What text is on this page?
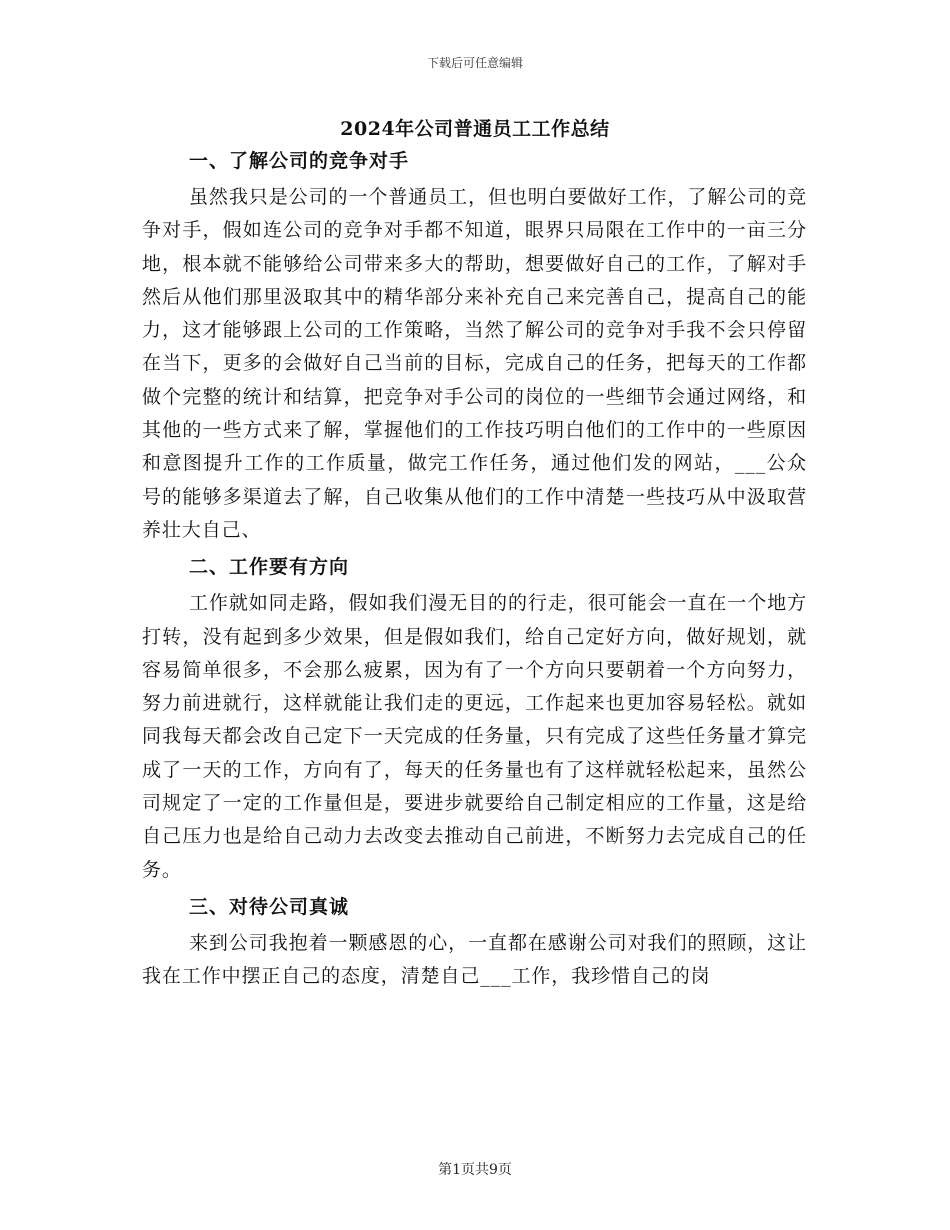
下载后可任意编辑
2024年公司普通员工工作总结
一、了解公司的竞争对手
虽然我只是公司的一个普通员工，但也明白要做好工作，了解公司的竞争对手，假如连公司的竞争对手都不知道，眼界只局限在工作中的一亩三分地，根本就不能够给公司带来多大的帮助，想要做好自己的工作，了解对手然后从他们那里汲取其中的精华部分来补充自己来完善自己，提高自己的能力，这才能够跟上公司的工作策略，当然了解公司的竞争对手我不会只停留在当下，更多的会做好自己当前的目标，完成自己的任务，把每天的工作都做个完整的统计和结算，把竞争对手公司的岗位的一些细节会通过网络，和其他的一些方式来了解，掌握他们的工作技巧明白他们的工作中的一些原因和意图提升工作的工作质量，做完工作任务，通过他们发的网站，___公众号的能够多渠道去了解，自己收集从他们的工作中清楚一些技巧从中汲取营养壮大自己、
二、工作要有方向
工作就如同走路，假如我们漫无目的的行走，很可能会一直在一个地方打转，没有起到多少效果，但是假如我们，给自己定好方向，做好规划，就容易简单很多，不会那么疲累，因为有了一个方向只要朝着一个方向努力，努力前进就行，这样就能让我们走的更远，工作起来也更加容易轻松。就如同我每天都会改自己定下一天完成的任务量，只有完成了这些任务量才算完成了一天的工作，方向有了，每天的任务量也有了这样就轻松起来，虽然公司规定了一定的工作量但是，要进步就要给自己制定相应的工作量，这是给自己压力也是给自己动力去改变去推动自己前进，不断努力去完成自己的任务。
三、对待公司真诚
来到公司我抱着一颗感恩的心，一直都在感谢公司对我们的照顾，这让我在工作中摆正自己的态度，清楚自己___工作，我珍惜自己的岗
第1页共9页
